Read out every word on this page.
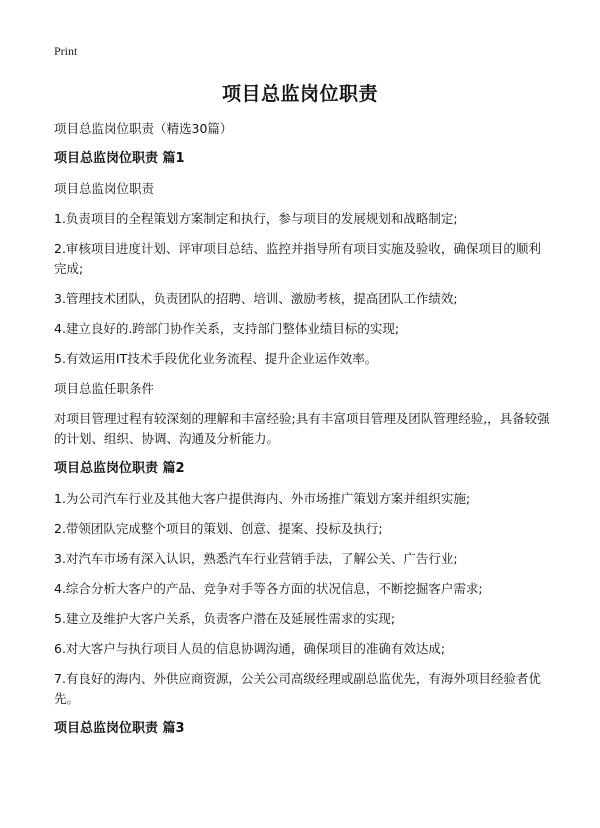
Print
项目总监岗位职责

项目总监岗位职责（精选30篇）

项目总监岗位职责 篇1

项目总监岗位职责

1.负责项目的全程策划方案制定和执行，参与项目的发展规划和战略制定;

2.审核项目进度计划、评审项目总结、监控并指导所有项目实施及验收，确保项目的顺利完成;

3.管理技术团队，负责团队的招聘、培训、激励考核，提高团队工作绩效;

4.建立良好的.跨部门协作关系，支持部门整体业绩目标的实现;

5.有效运用IT技术手段优化业务流程、提升企业运作效率。

项目总监任职条件

对项目管理过程有较深刻的理解和丰富经验;具有丰富项目管理及团队管理经验,，具备较强的计划、组织、协调、沟通及分析能力。

项目总监岗位职责 篇2

1.为公司汽车行业及其他大客户提供海内、外市场推广策划方案并组织实施;

2.带领团队完成整个项目的策划、创意、提案、投标及执行;

3.对汽车市场有深入认识，熟悉汽车行业营销手法，了解公关、广告行业;

4.综合分析大客户的产品、竞争对手等各方面的状况信息，不断挖掘客户需求;

5.建立及维护大客户关系，负责客户潜在及延展性需求的实现;

6.对大客户与执行项目人员的信息协调沟通，确保项目的准确有效达成;

7.有良好的海内、外供应商资源，公关公司高级经理或副总监优先，有海外项目经验者优先。

项目总监岗位职责 篇3
